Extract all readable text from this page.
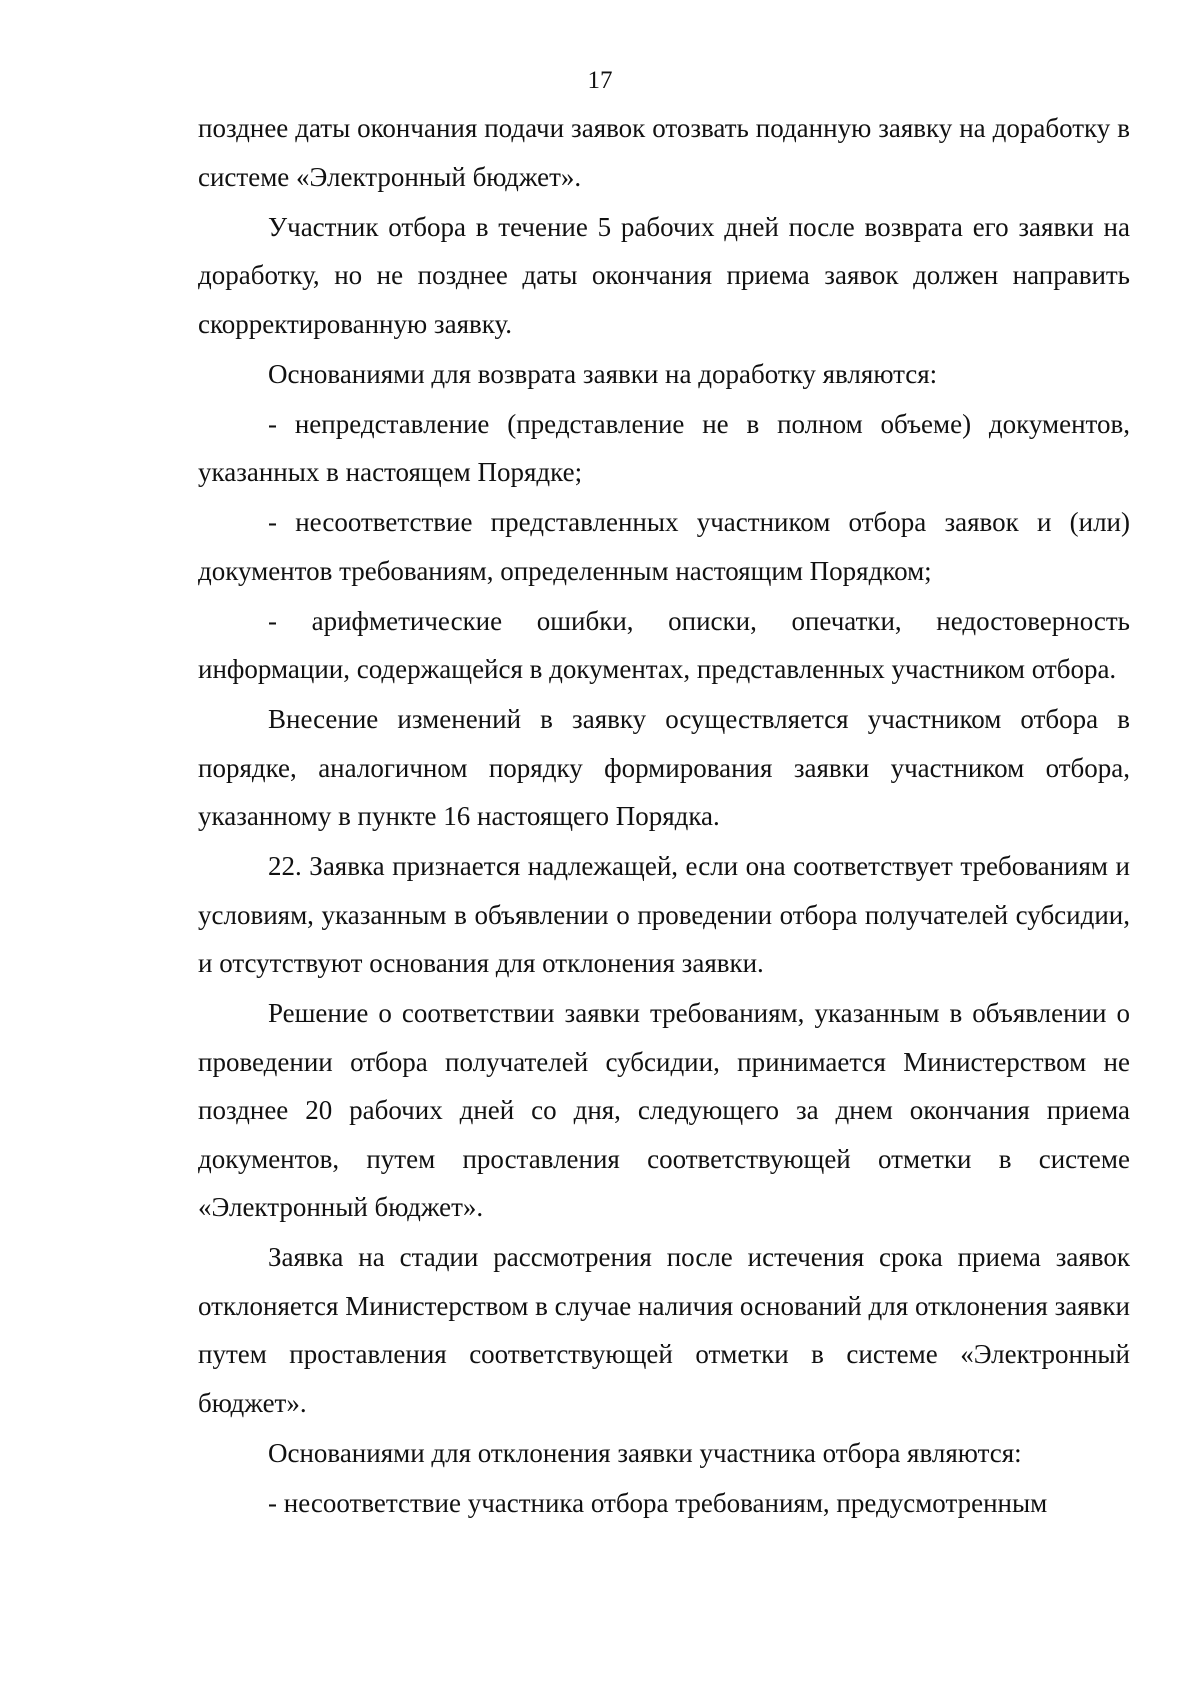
17

позднее даты окончания подачи заявок отозвать поданную заявку на доработку в системе «Электронный бюджет».

Участник отбора в течение 5 рабочих дней после возврата его заявки на доработку, но не позднее даты окончания приема заявок должен направить скорректированную заявку.

Основаниями для возврата заявки на доработку являются:

- непредставление (представление не в полном объеме) документов, указанных в настоящем Порядке;

- несоответствие представленных участником отбора заявок и (или) документов требованиям, определенным настоящим Порядком;

- арифметические ошибки, описки, опечатки, недостоверность информации, содержащейся в документах, представленных участником отбора.

Внесение изменений в заявку осуществляется участником отбора в порядке, аналогичном порядку формирования заявки участником отбора, указанному в пункте 16 настоящего Порядка.

22. Заявка признается надлежащей, если она соответствует требованиям и условиям, указанным в объявлении о проведении отбора получателей субсидии, и отсутствуют основания для отклонения заявки.

Решение о соответствии заявки требованиям, указанным в объявлении о проведении отбора получателей субсидии, принимается Министерством не позднее 20 рабочих дней со дня, следующего за днем окончания приема документов, путем проставления соответствующей отметки в системе «Электронный бюджет».

Заявка на стадии рассмотрения после истечения срока приема заявок отклоняется Министерством в случае наличия оснований для отклонения заявки путем проставления соответствующей отметки в системе «Электронный бюджет».

Основаниями для отклонения заявки участника отбора являются:

- несоответствие участника отбора требованиям, предусмотренным
